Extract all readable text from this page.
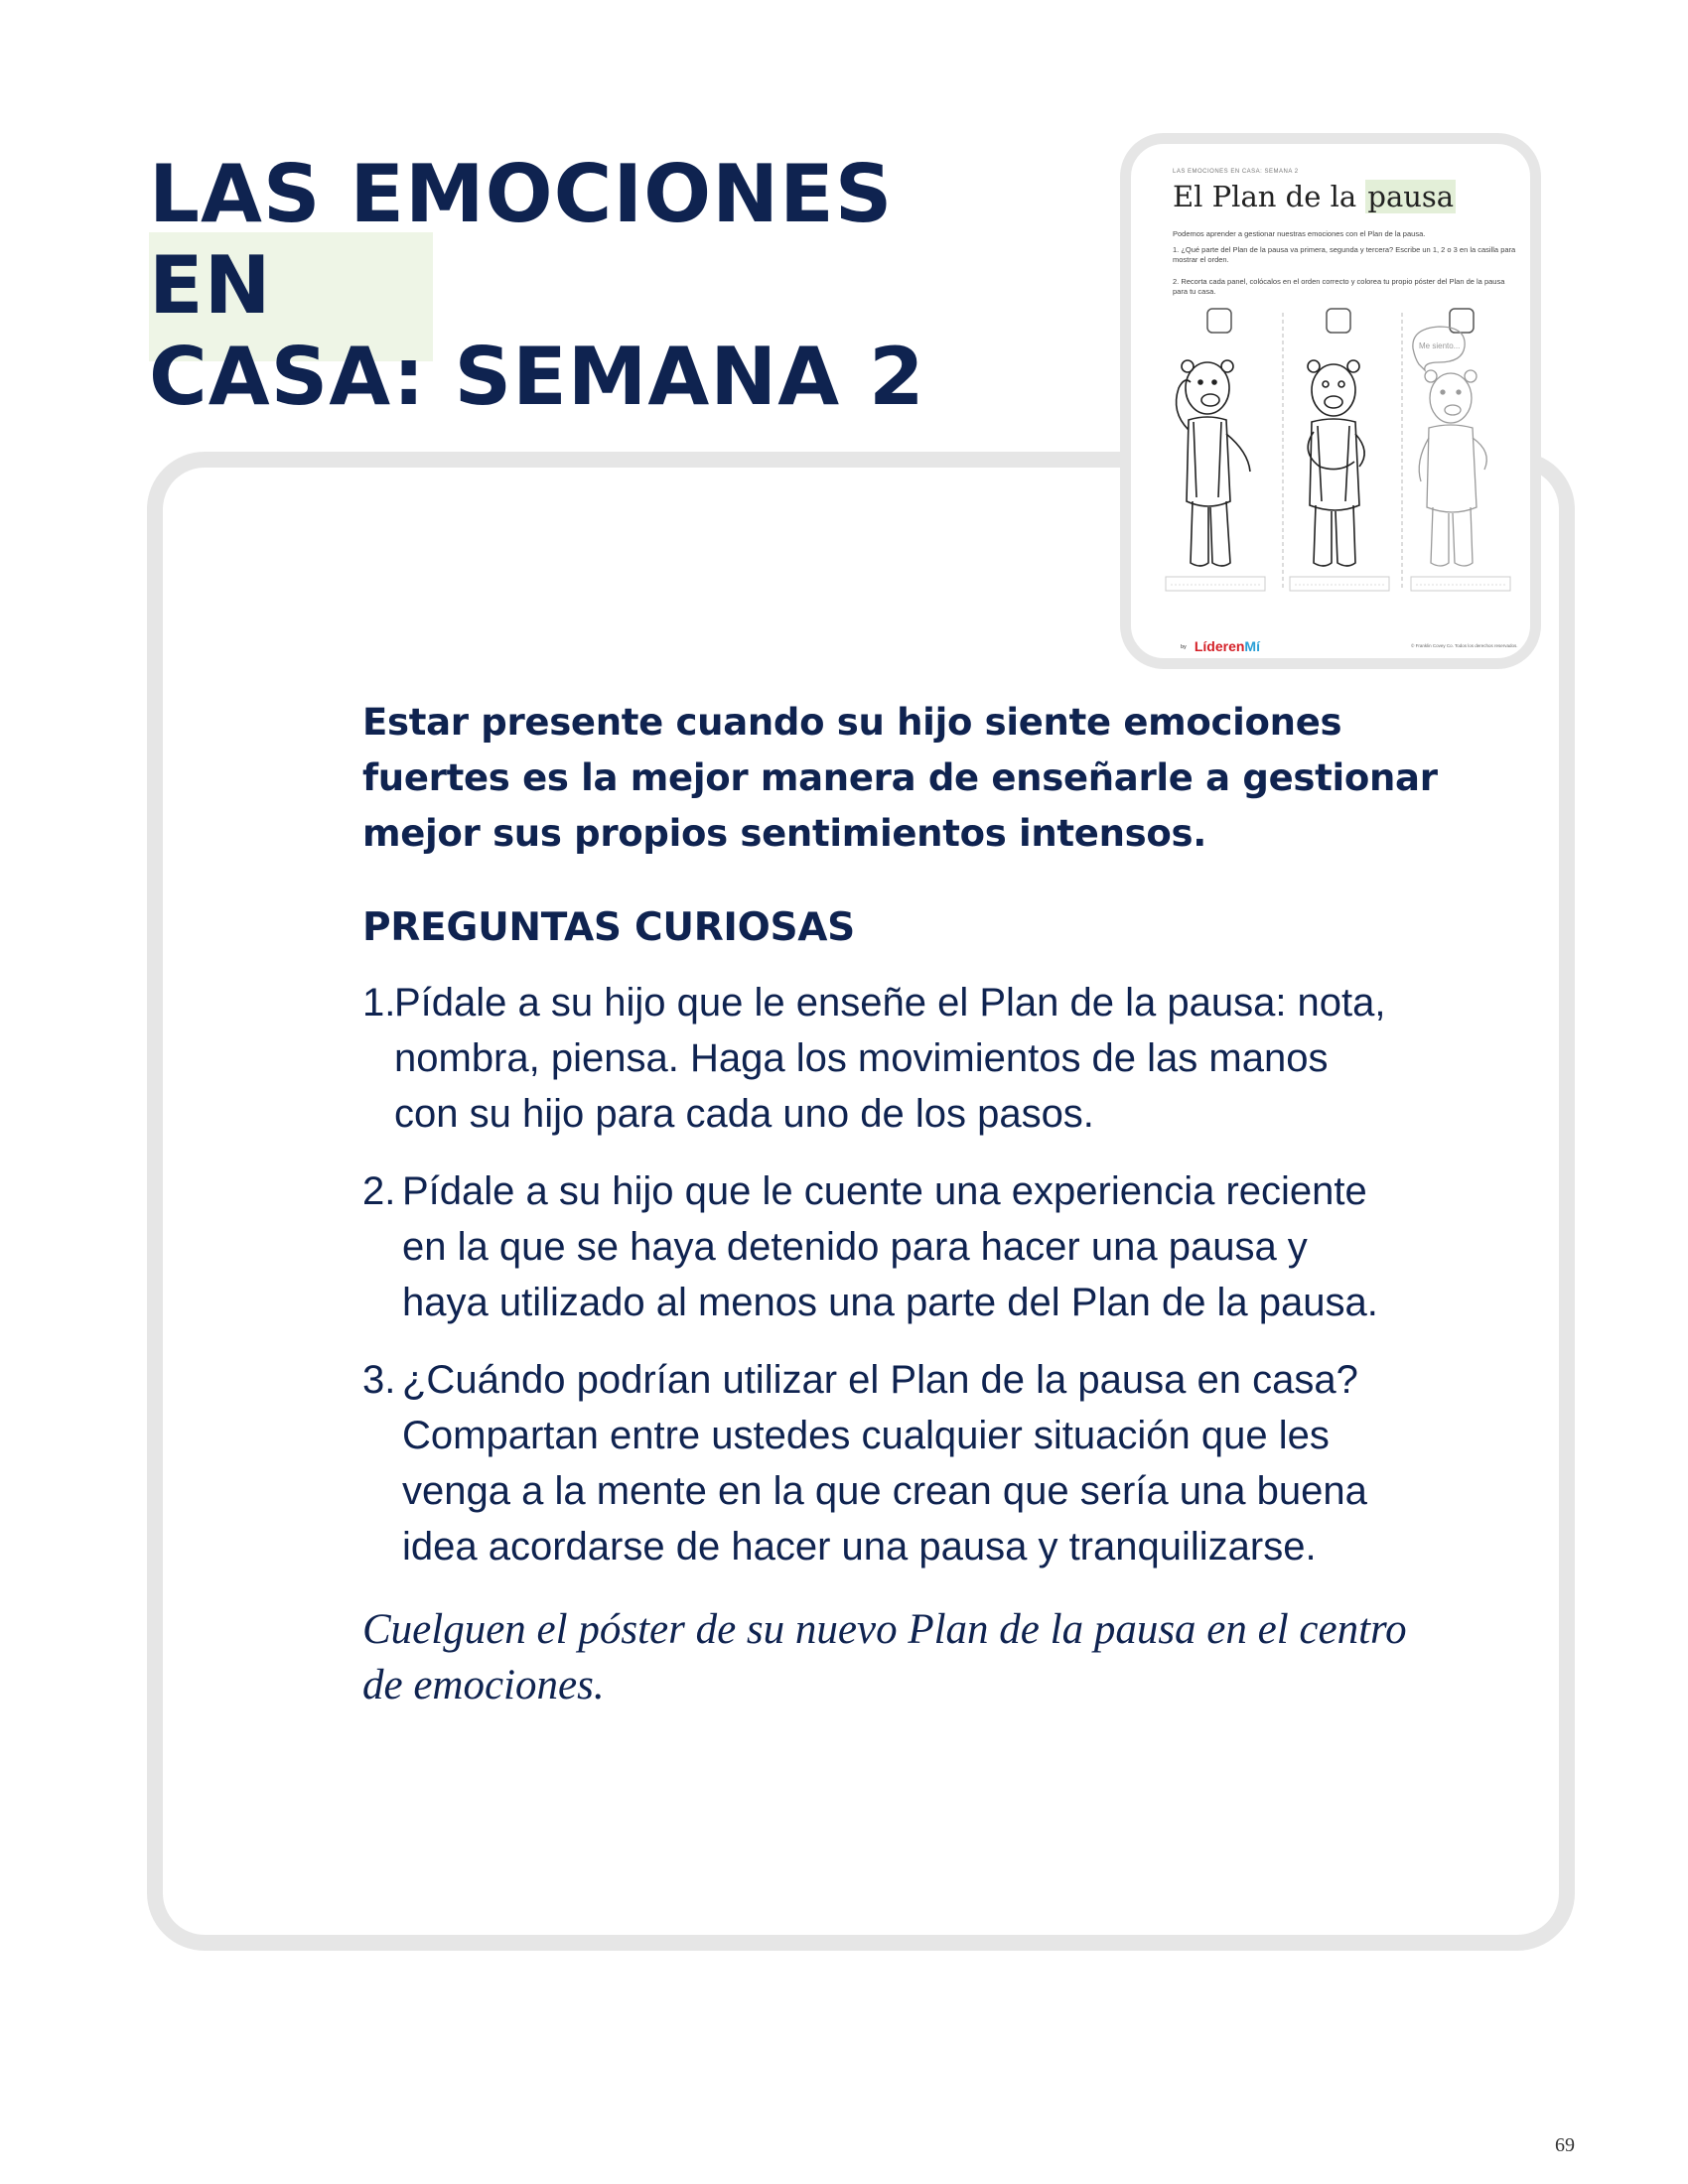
LAS EMOCIONES EN
CASA: SEMANA 2
LAS EMOCIONES EN CASA: SEMANA 2
El Plan de la pausa
Podemos aprender a gestionar nuestras emociones con el Plan de la pausa.
1. ¿Qué parte del Plan de la pausa va primera, segunda y tercera? Escribe un 1, 2 o 3 en la casilla para mostrar el orden.
2. Recorta cada panel, colócalos en el orden correcto y colorea tu propio póster del Plan de la pausa para tu casa.
Me siento...
by LíderenMí	© Franklin Covey Co. Todos los derechos reservados.

Estar presente cuando su hijo siente emociones
fuertes es la mejor manera de enseñarle a gestionar
mejor sus propios sentimientos intensos.

PREGUNTAS CURIOSAS
1.
Pídale a su hijo que le enseñe el Plan de la pausa: nota,
nombra, piensa. Haga los movimientos de las manos
con su hijo para cada uno de los pasos.
2. Pídale a su hijo que le cuente una experiencia reciente
en la que se haya detenido para hacer una pausa y
haya utilizado al menos una parte del Plan de la pausa.
3. ¿Cuándo podrían utilizar el Plan de la pausa en casa?
Compartan entre ustedes cualquier situación que les
venga a la mente en la que crean que sería una buena
idea acordarse de hacer una pausa y tranquilizarse.

Cuelguen el póster de su nuevo Plan de la pausa en el centro
de emociones.

69
